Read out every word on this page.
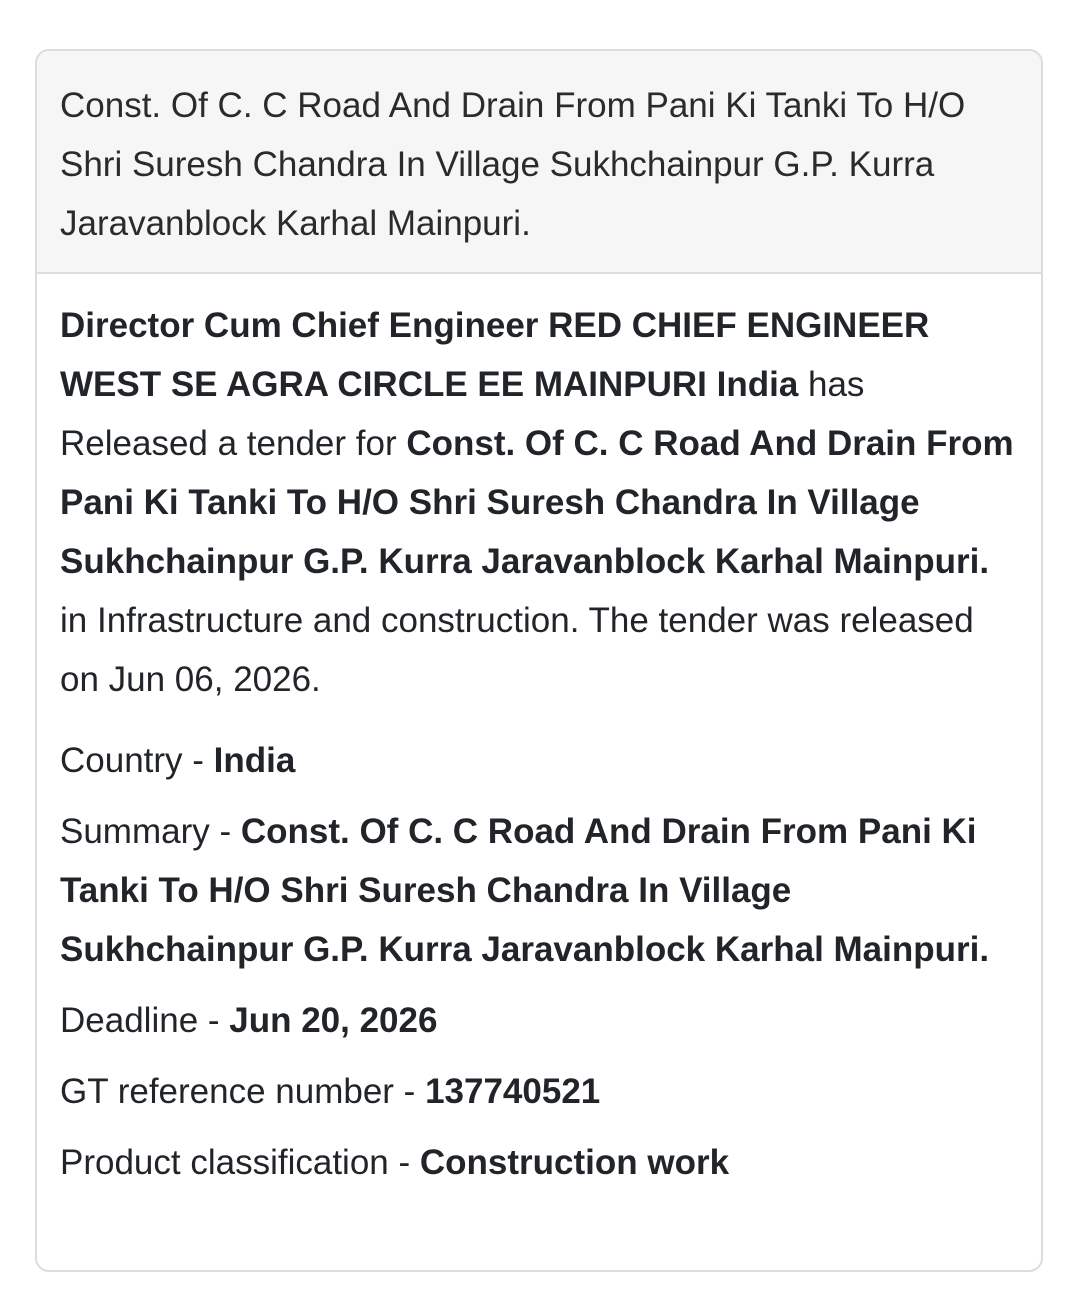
Const. Of C. C Road And Drain From Pani Ki Tanki To H/O Shri Suresh Chandra In Village Sukhchainpur G.P. Kurra Jaravanblock Karhal Mainpuri.

Director Cum Chief Engineer RED CHIEF ENGINEER WEST SE AGRA CIRCLE EE MAINPURI India has Released a tender for Const. Of C. C Road And Drain From Pani Ki Tanki To H/O Shri Suresh Chandra In Village Sukhchainpur G.P. Kurra Jaravanblock Karhal Mainpuri. in Infrastructure and construction. The tender was released on Jun 06, 2026.

Country - India

Summary - Const. Of C. C Road And Drain From Pani Ki Tanki To H/O Shri Suresh Chandra In Village Sukhchainpur G.P. Kurra Jaravanblock Karhal Mainpuri.

Deadline - Jun 20, 2026

GT reference number - 137740521

Product classification - Construction work
